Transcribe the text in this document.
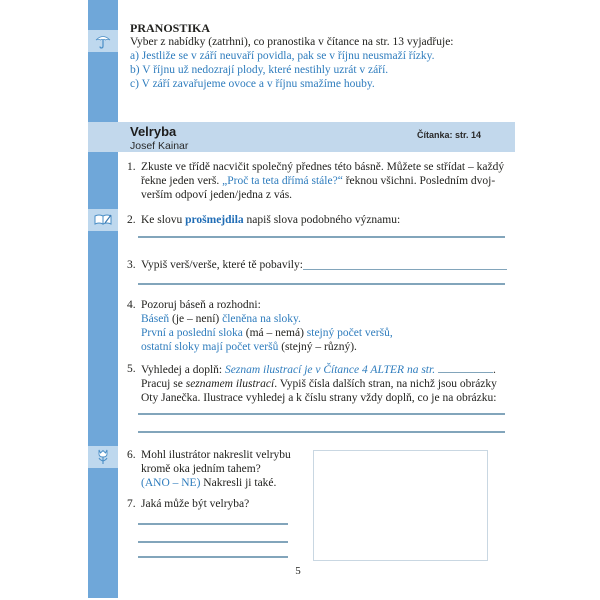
PRANOSTIKA
Vyber z nabídky (zatrhni), co pranostika v čítance na str. 13 vyjadřuje:
a) Jestliže se v září neuvaří povidla, pak se v říjnu neusmaží řízky.
b) V říjnu už nedozrají plody, které nestihly uzrát v září.
c) V září zavařujeme ovoce a v říjnu smažíme houby.
Velryba
Josef Kainar
Čítanka: str. 14
1. Zkuste ve třídě nacvičit společný přednes této básně. Můžete se střídat – každý
řekne jeden verš. „Proč ta teta dřímá stále?“ řeknou všichni. Posledním dvoj-
verším odpoví jeden/jedna z vás.
2. Ke slovu prošmejdila napiš slova podobného významu:
3. Vypiš verš/verše, které tě pobavily:
4. Pozoruj báseň a rozhodni:
Báseň (je – není) členěna na sloky.
První a poslední sloka (má – nemá) stejný počet veršů,
ostatní sloky mají počet veršů (stejný – různý).
5. Vyhledej a doplň: Seznam ilustrací je v Čítance 4 ALTER na str.	.
Pracuj se seznamem ilustrací. Vypiš čísla dalších stran, na nichž jsou obrázky
Oty Janečka. Ilustrace vyhledej a k číslu strany vždy doplň, co je na obrázku:
6. Mohl ilustrátor nakreslit velrybu
kromě oka jedním tahem?
(ANO – NE) Nakresli ji také.
7. Jaká může být velryba?
5
